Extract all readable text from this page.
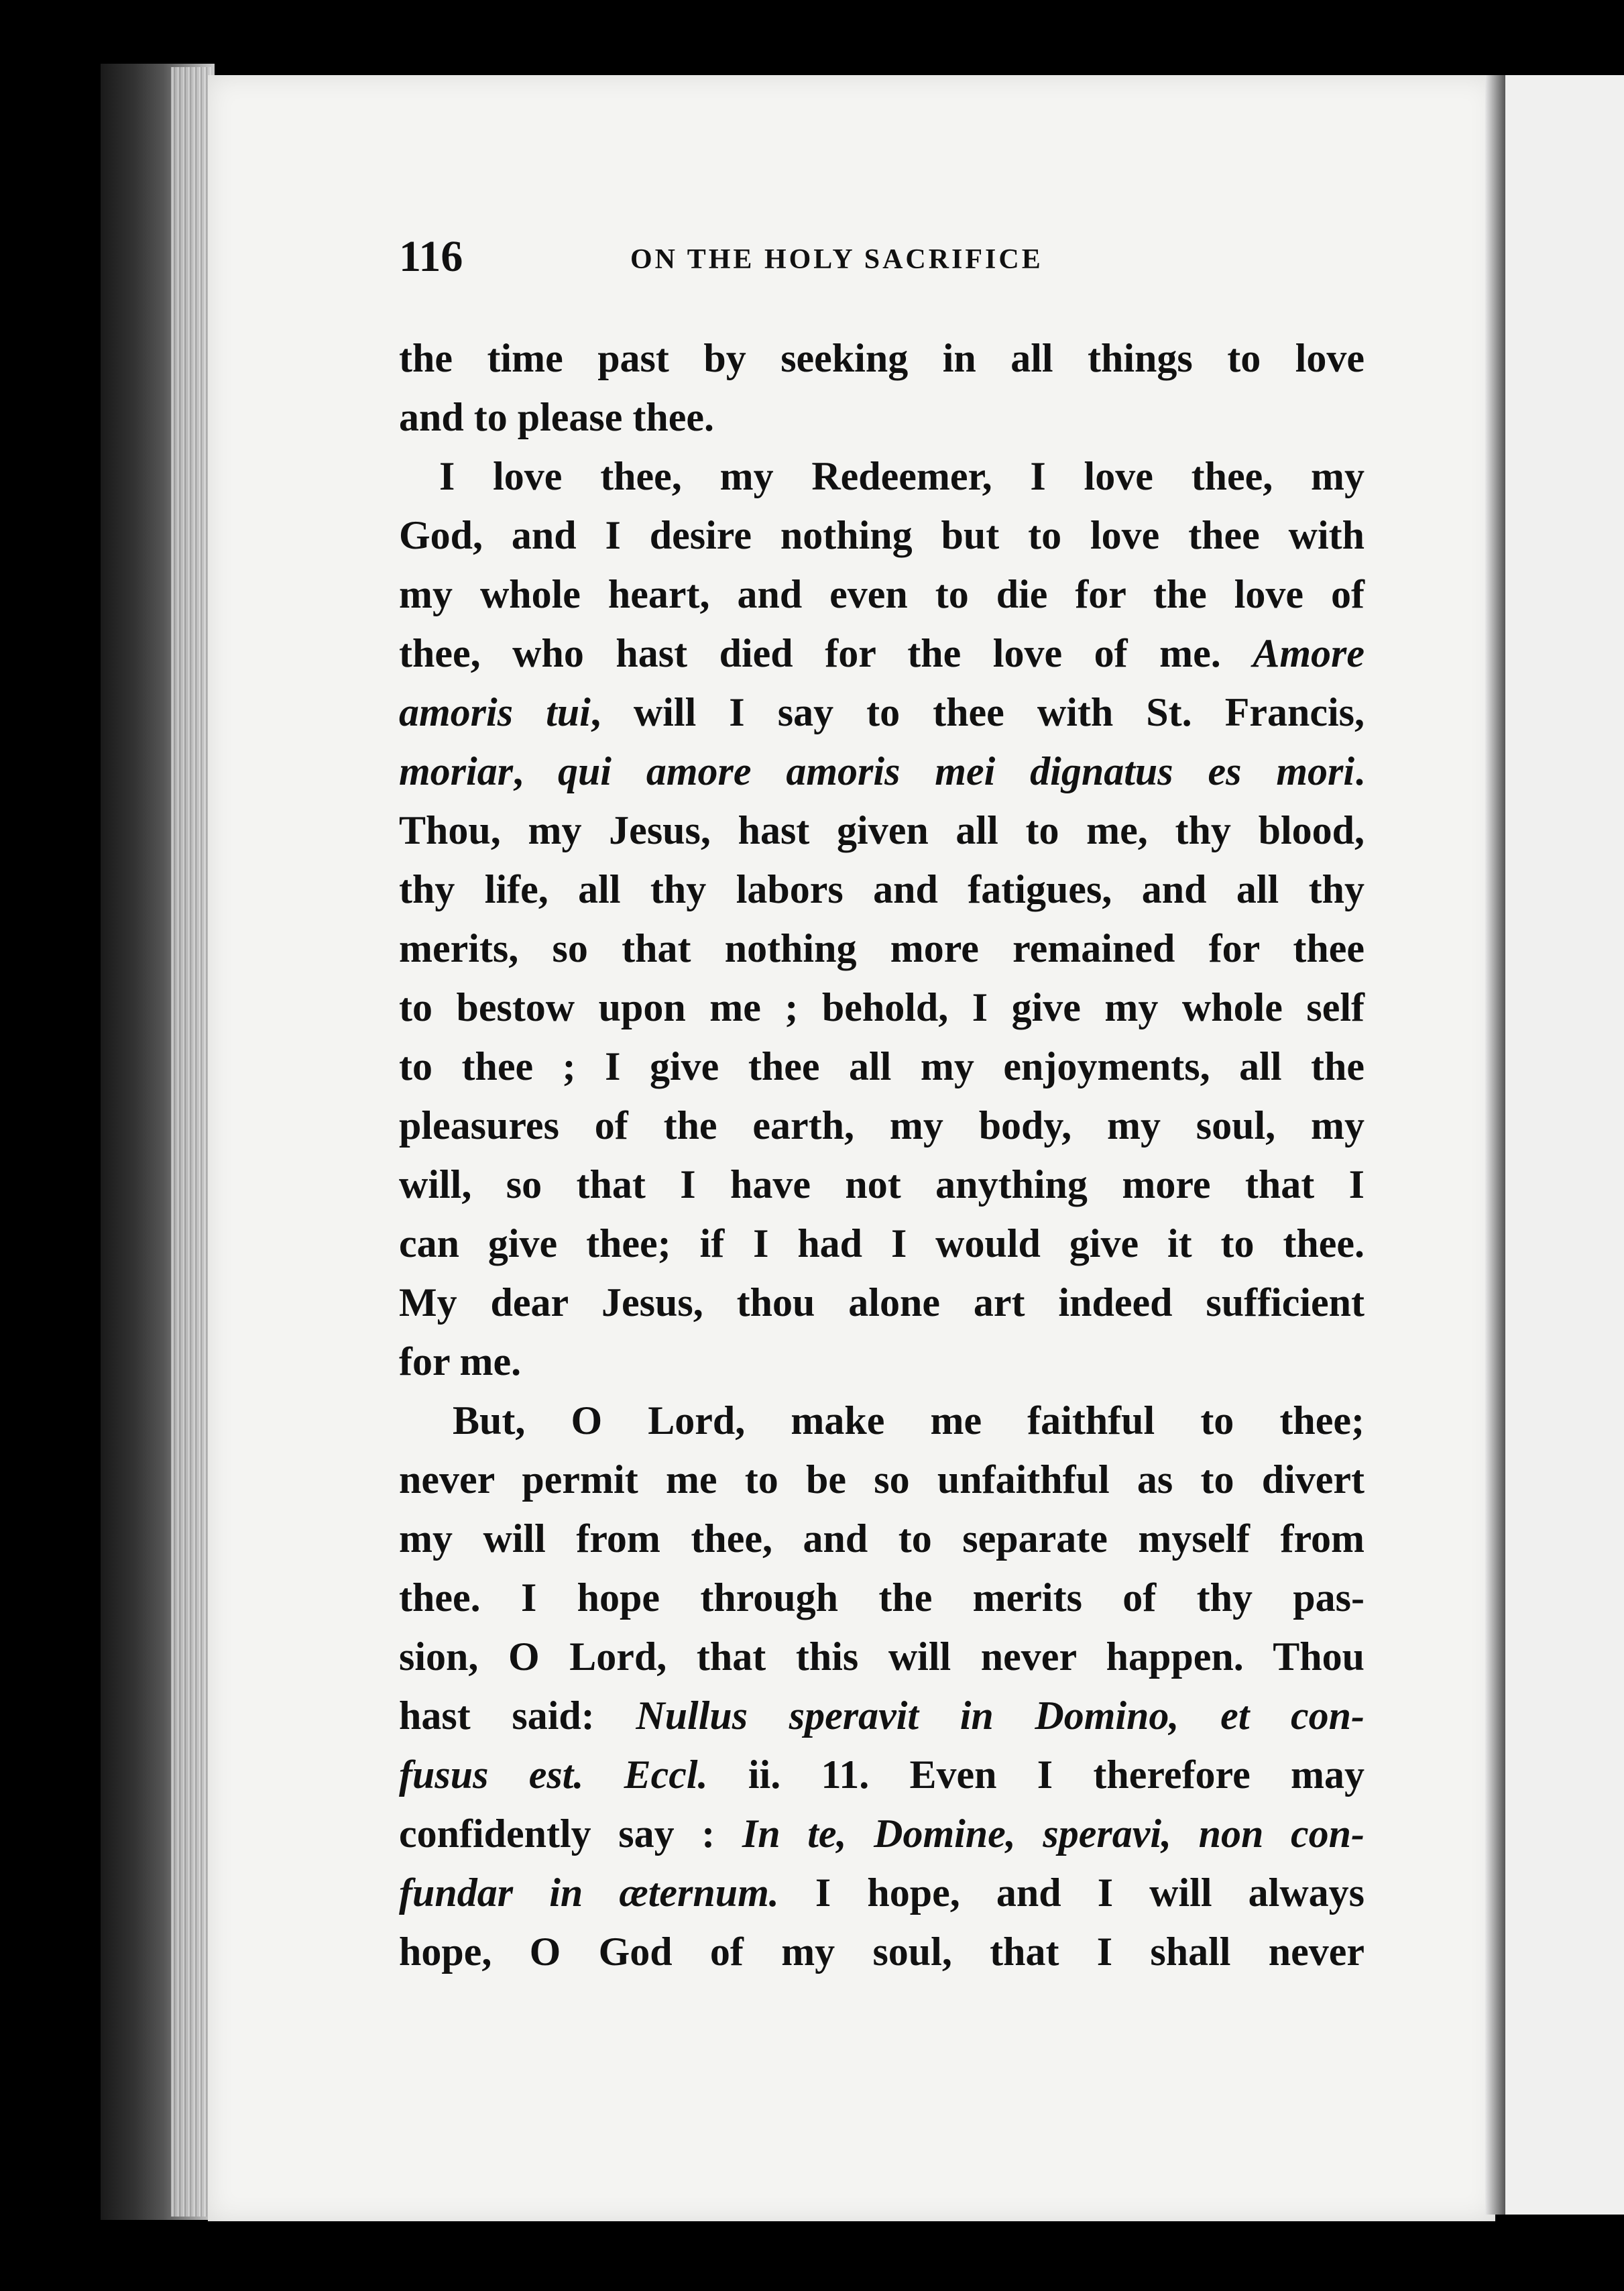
116	ON THE HOLY SACRIFICE
the time past by seeking in all things to love
and to please thee.
I love thee, my Redeemer, I love thee, my
God, and I desire nothing but to love thee with
my whole heart, and even to die for the love of
thee, who hast died for the love of me. Amore
amoris tui, will I say to thee with St. Francis,
moriar, qui amore amoris mei dignatus es mori.
Thou, my Jesus, hast given all to me, thy blood,
thy life, all thy labors and fatigues, and all thy
merits, so that nothing more remained for thee
to bestow upon me ; behold, I give my whole self
to thee ; I give thee all my enjoyments, all the
pleasures of the earth, my body, my soul, my
will, so that I have not anything more that I
can give thee; if I had I would give it to thee.
My dear Jesus, thou alone art indeed sufficient
for me.
But, O Lord, make me faithful to thee;
never permit me to be so unfaithful as to divert
my will from thee, and to separate myself from
thee. I hope through the merits of thy pas-
sion, O Lord, that this will never happen. Thou
hast said: Nullus speravit in Domino, et con-
fusus est. Eccl. ii. 11. Even I therefore may
confidently say : In te, Domine, speravi, non con-
fundar in æternum. I hope, and I will always
hope, O God of my soul, that I shall never
